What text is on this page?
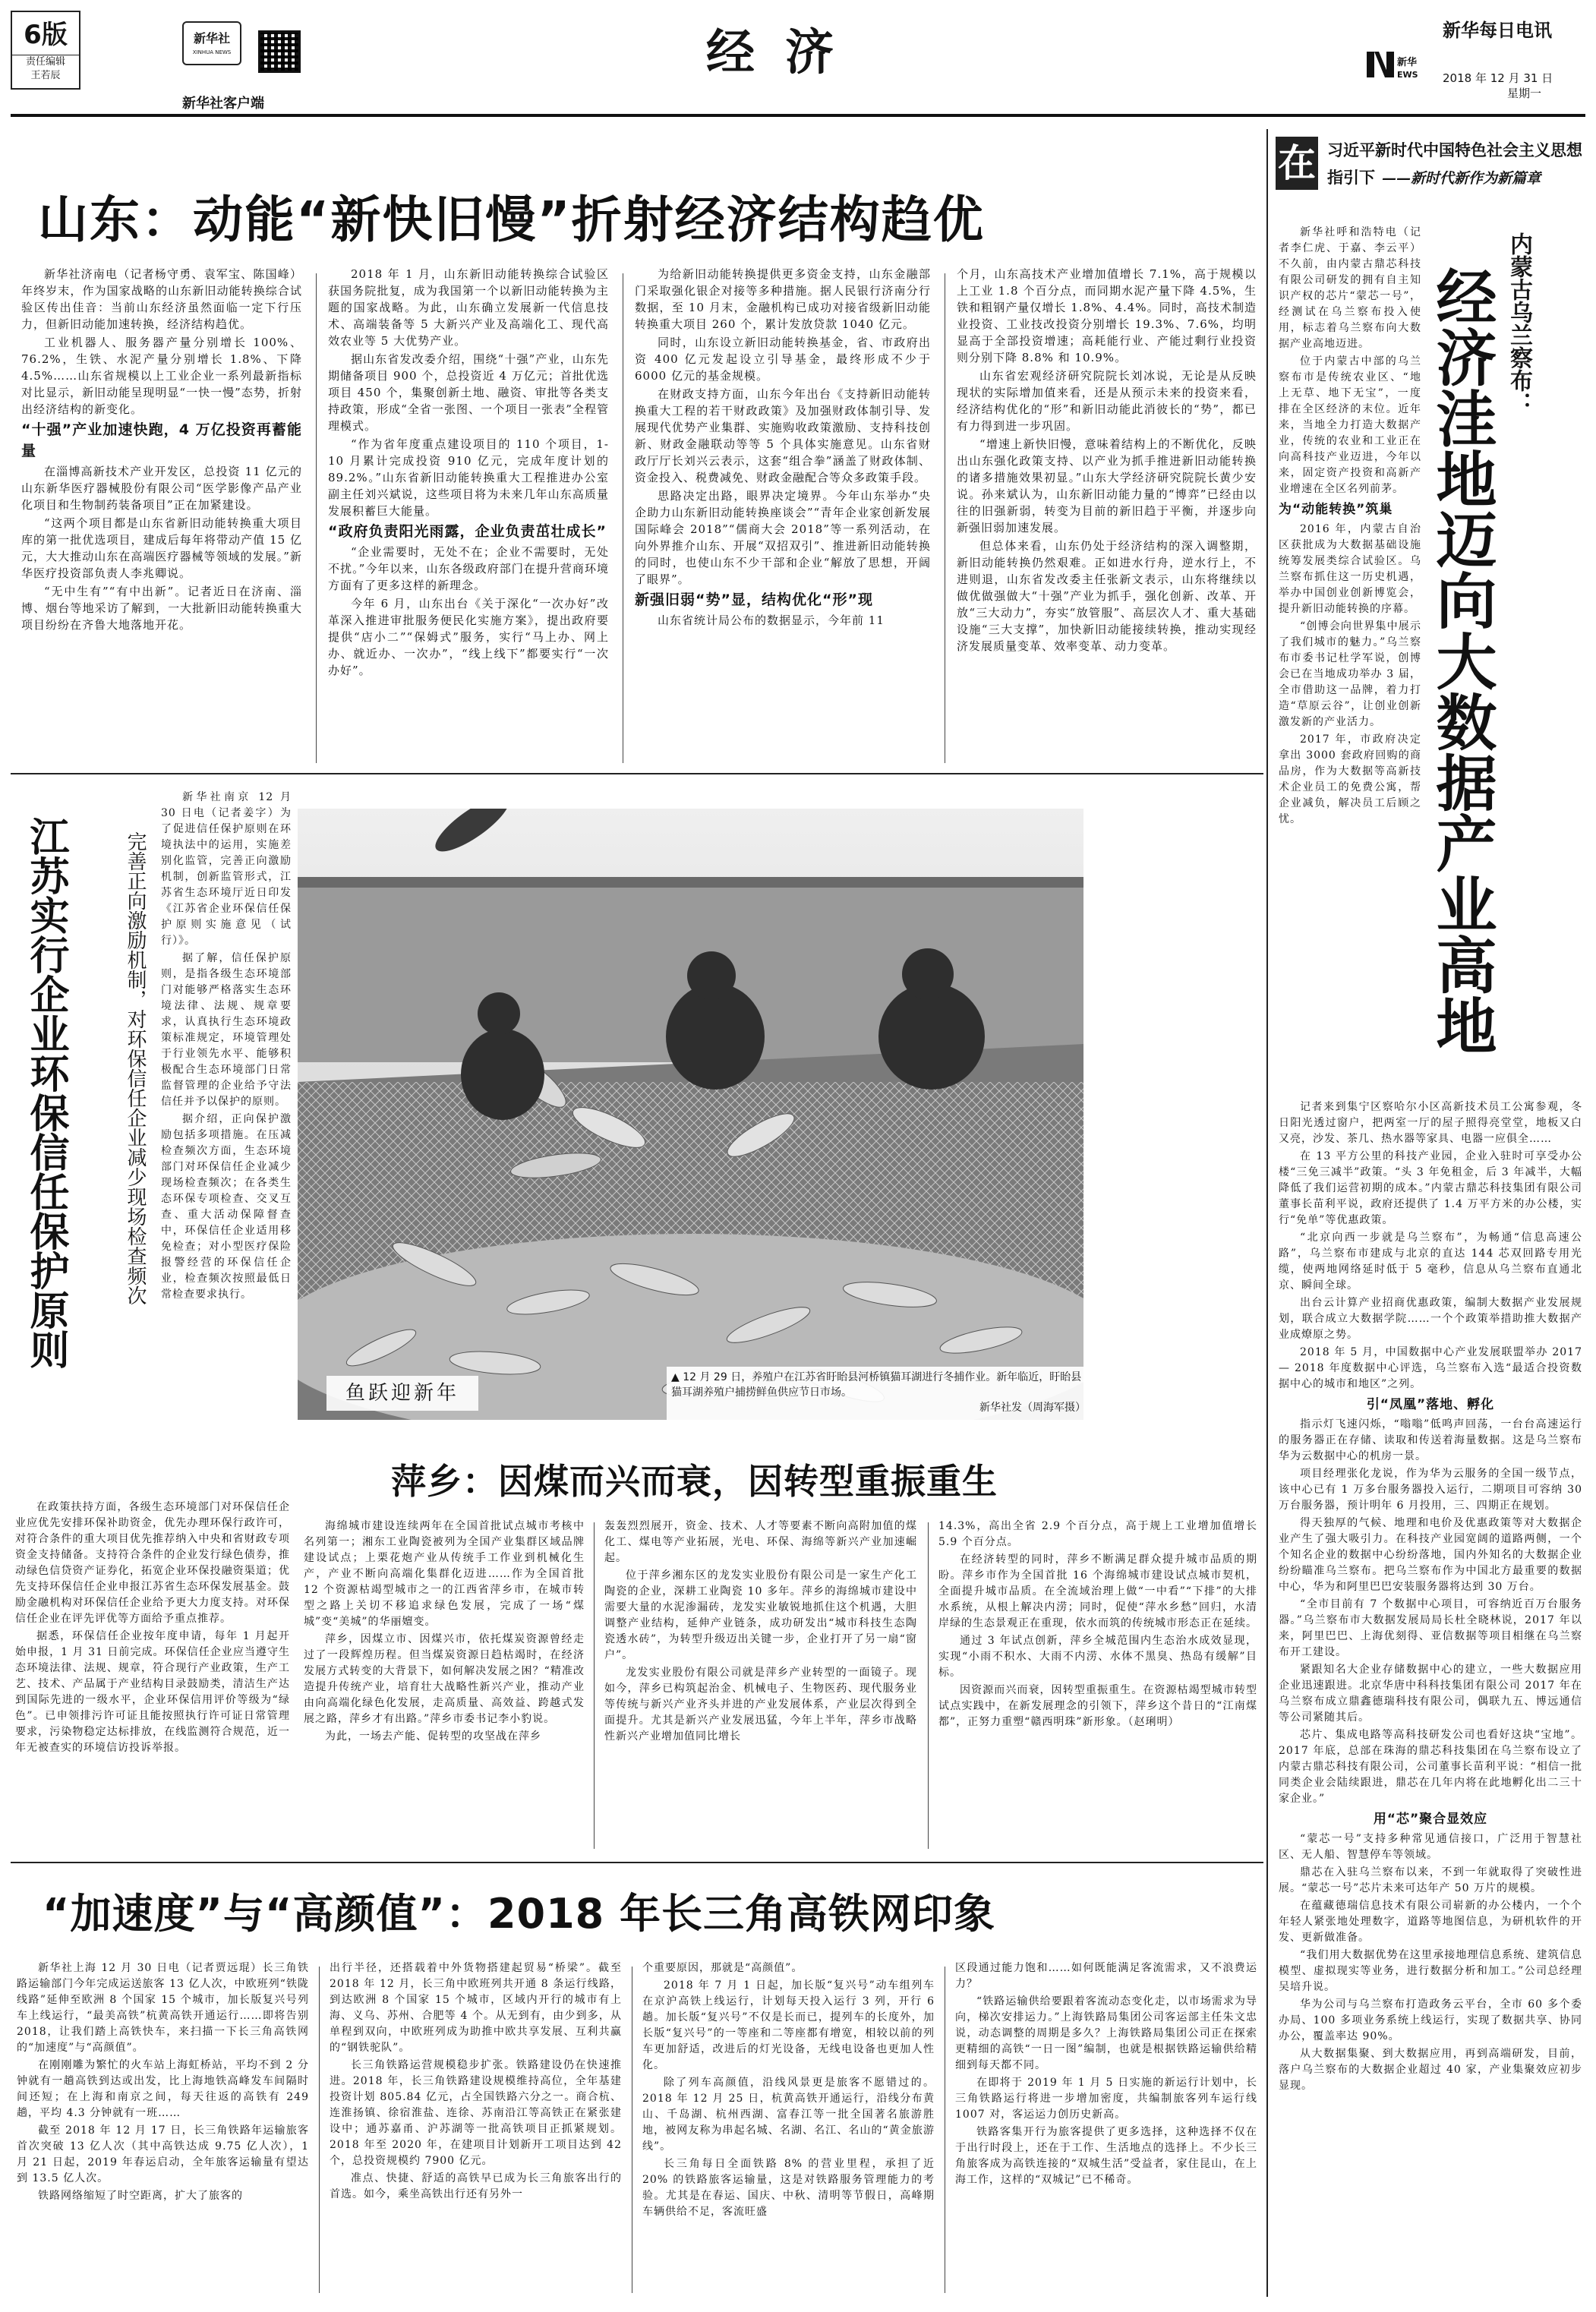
6版
责任编辑
王若辰
新华社
XINHUA NEWS
新华社客户端
经济	新华
EWS
新华每日电讯
2018 年 12 月 31 日
星期一
在 习近平新时代中国特色社会主义思想
指引下 ——新时代新作为新篇章
山东：动能“新快旧慢”折射经济结构趋优

新华社济南电（记者杨守勇、袁军宝、陈国峰）年终岁末，作为国家战略的山东新旧动能转换综合试验区传出佳音：当前山东经济虽然面临一定下行压力，但新旧动能加速转换，经济结构趋优。

工业机器人、服务器产量分别增长 100%、76.2%，生铁、水泥产量分别增长 1.8%、下降 4.5%……山东省规模以上工业企业一系列最新指标对比显示，新旧动能呈现明显“一快一慢”态势，折射出经济结构的新变化。

“十强”产业加速快跑，4 万亿投资再蓄能量

在淄博高新技术产业开发区，总投资 11 亿元的山东新华医疗器械股份有限公司“医学影像产品产业化项目和生物制药装备项目”正在加紧建设。

“这两个项目都是山东省新旧动能转换重大项目库的第一批优选项目，建成后每年将带动产值 15 亿元，大大推动山东在高端医疗器械等领域的发展。”新华医疗投资部负责人李兆卿说。

“无中生有”“有中出新”。记者近日在济南、淄博、烟台等地采访了解到，一大批新旧动能转换重大项目纷纷在齐鲁大地落地开花。

2018 年 1 月，山东新旧动能转换综合试验区获国务院批复，成为我国第一个以新旧动能转换为主题的国家战略。为此，山东确立发展新一代信息技术、高端装备等 5 大新兴产业及高端化工、现代高效农业等 5 大优势产业。

据山东省发改委介绍，围绕“十强”产业，山东先期储备项目 900 个，总投资近 4 万亿元；首批优选项目 450 个，集聚创新土地、融资、审批等各类支持政策，形成“全省一张图、一个项目一张表”全程管理模式。

“作为省年度重点建设项目的 110 个项目，1-10 月累计完成投资 910 亿元，完成年度计划的 89.2%。”山东省新旧动能转换重大工程推进办公室副主任刘兴斌说，这些项目将为未来几年山东高质量发展积蓄巨大能量。

“政府负责阳光雨露，企业负责茁壮成长”

“企业需要时，无处不在；企业不需要时，无处不扰。”今年以来，山东各级政府部门在提升营商环境方面有了更多这样的新理念。

今年 6 月，山东出台《关于深化“一次办好”改革深入推进审批服务便民化实施方案》，提出政府要提供“店小二”“保姆式”服务，实行“马上办、网上办、就近办、一次办”，“线上线下”都要实行“一次办好”。

为给新旧动能转换提供更多资金支持，山东金融部门采取强化银企对接等多种措施。据人民银行济南分行数据，至 10 月末，金融机构已成功对接省级新旧动能转换重大项目 260 个，累计发放贷款 1040 亿元。

同时，山东设立新旧动能转换基金，省、市政府出资 400 亿元发起设立引导基金，最终形成不少于 6000 亿元的基金规模。

在财政支持方面，山东今年出台《支持新旧动能转换重大工程的若干财政政策》及加强财政体制引导、发展现代优势产业集群、实施购收政策激励、支持科技创新、财政金融联动等等 5 个具体实施意见。山东省财政厅厅长刘兴云表示，这套“组合拳”涵盖了财政体制、资金投入、税费减免、财政金融配合等众多政策手段。

思路决定出路，眼界决定境界。今年山东举办“央企助力山东新旧动能转换座谈会”“青年企业家创新发展国际峰会 2018”“儒商大会 2018”等一系列活动，在向外界推介山东、开展“双招双引”、推进新旧动能转换的同时，也使山东不少干部和企业“解放了思想，开阔了眼界”。

新强旧弱“势”显，结构优化“形”现

山东省统计局公布的数据显示，今年前 11

个月，山东高技术产业增加值增长 7.1%，高于规模以上工业 1.8 个百分点，而同期水泥产量下降 4.5%，生铁和粗钢产量仅增长 1.8%、4.4%。同时，高技术制造业投资、工业技改投资分别增长 19.3%、7.6%，均明显高于全部投资增速；高耗能行业、产能过剩行业投资则分别下降 8.8% 和 10.9%。

山东省宏观经济研究院院长刘冰说，无论是从反映现状的实际增加值来看，还是从预示未来的投资来看，经济结构优化的“形”和新旧动能此消彼长的“势”，都已有力得到进一步巩固。

“增速上新快旧慢，意味着结构上的不断优化，反映出山东强化政策支持、以产业为抓手推进新旧动能转换的诸多措施效果初显。”山东大学经济研究院院长黄少安说。孙来斌认为，山东新旧动能力量的“博弈”已经由以往的旧强新弱，转变为目前的新旧趋于平衡，并逐步向新强旧弱加速发展。

但总体来看，山东仍处于经济结构的深入调整期，新旧动能转换仍然艰难。正如进水行舟，逆水行上，不进则退，山东省发改委主任张新文表示，山东将继续以做优做强做大“十强”产业为抓手，强化创新、改革、开放“三大动力”，夯实“放管服”、高层次人才、重大基础设施“三大支撑”，加快新旧动能接续转换，推动实现经济发展质量变革、效率变革、动力变革。

内蒙古乌兰察布：
经济洼地迈向大数据产业高地

新华社呼和浩特电（记者李仁虎、于嘉、李云平）不久前，由内蒙古鼎芯科技有限公司研发的拥有自主知识产权的芯片“蒙芯一号”，经测试在乌兰察布投入使用，标志着乌兰察布向大数据产业高地迈进。

位于内蒙古中部的乌兰察布市是传统农业区、“地上无草、地下无宝”，一度排在全区经济的末位。近年来，当地全力打造大数据产业，传统的农业和工业正在向高科技产业迈进，今年以来，固定资产投资和高新产业增速在全区名列前茅。

为“动能转换”筑巢

2016 年，内蒙古自治区获批成为大数据基础设施统筹发展类综合试验区。乌兰察布抓住这一历史机遇，举办中国创业创新博览会，提升新旧动能转换的序幕。

“创博会向世界集中展示了我们城市的魅力。”乌兰察布市委书记杜学军说，创博会已在当地成功举办 3 届，全市借助这一品牌，着力打造“草原云谷”，让创业创新激发新的产业活力。

2017 年，市政府决定拿出 3000 套政府回购的商品房，作为大数据等高新技术企业员工的免费公寓，帮企业减负，解决员工后顾之忧。

记者来到集宁区察哈尔小区高新技术员工公寓参观，冬日阳光透过窗户，把两室一厅的屋子照得亮堂堂，地板又白又亮，沙发、茶几、热水器等家具、电器一应俱全……

在 13 平方公里的科技产业园，企业入驻时可享受办公楼“三免三减半”政策。“头 3 年免租金，后 3 年减半，大幅降低了我们运营初期的成本。”内蒙古鼎芯科技集团有限公司董事长苗利平说，政府还提供了 1.4 万平方米的办公楼，实行“免单”等优惠政策。

“北京向西一步就是乌兰察布”，为畅通“信息高速公路”，乌兰察布市建成与北京的直达 144 芯双回路专用光缆，使两地网络延时低于 5 毫秒，信息从乌兰察布直通北京、瞬间全球。

出台云计算产业招商优惠政策，编制大数据产业发展规划，联合成立大数据学院……一个个政策举措助推大数据产业成燎原之势。

2018 年 5 月，中国数据中心产业发展联盟举办 2017 — 2018 年度数据中心评选，乌兰察布入选“最适合投资数据中心的城市和地区”之列。

引“凤凰”落地、孵化

指示灯飞速闪烁，“嗡嗡”低鸣声回荡，一台台高速运行的服务器正在存储、读取和传送着海量数据。这是乌兰察布华为云数据中心的机房一景。

项目经理张化龙说，作为华为云服务的全国一级节点，该中心已有 1 万多台服务器投入运行，二期项目可容纳 30 万台服务器，预计明年 6 月投用，三、四期正在规划。

得天独厚的气候、地理和电价及优惠政策等对大数据企业产生了强大吸引力。在科技产业园宽阔的道路两侧，一个个知名企业的数据中心纷纷落地，国内外知名的大数据企业纷纷瞄准乌兰察布。把乌兰察布作为中国北方最重要的数据中心，华为和阿里巴巴安装服务器将达到 30 万台。

“全市目前有 7 个数据中心项目，可容纳近百万台服务器。”乌兰察布市大数据发展局局长杜全晓林说，2017 年以来，阿里巴巴、上海优刻得、亚信数据等项目相继在乌兰察布开工建设。

紧跟知名大企业存储数据中心的建立，一些大数据应用企业迅速跟进。北京华唐中科科技集团有限公司 2017 年在乌兰察布成立鼎鑫德瑞科技有限公司，偶联九五、博远通信等公司紧随其后。

芯片、集成电路等高科技研发公司也看好这块“宝地”。2017 年底，总部在珠海的鼎芯科技集团在乌兰察布设立了内蒙古鼎芯科技有限公司，公司董事长苗利平说：“相信一批同类企业会陆续跟进，鼎芯在几年内将在此地孵化出二三十家企业。”

用“芯”聚合显效应

“蒙芯一号”支持多种常见通信接口，广泛用于智慧社区、无人船、智慧停车等领域。

鼎芯在入驻乌兰察布以来，不到一年就取得了突破性进展。“蒙芯一号”芯片未来可达年产 50 万片的规模。

在蕴藏德瑞信息技术有限公司崭新的办公楼内，一个个年轻人紧张地处理数字，道路等地图信息，为研机软件的开发、更新做准备。

“我们用大数据优势在这里承接地理信息系统、建筑信息模型、虚拟现实等业务，进行数据分析和加工。”公司总经理吴培升说。

华为公司与乌兰察布打造政务云平台，全市 60 多个委办局、100 多项业务系统上线运行，实现了数据共享、协同办公，覆盖率达 90%。

从大数据集聚、到大数据应用，再到高端研发，目前，落户乌兰察布的大数据企业超过 40 家，产业集聚效应初步显现。

江苏实行企业环保信任保护原则	完善正向激励机制，对环保信任企业减少现场检查频次

新华社南京 12 月 30 日电（记者姜字）为了促进信任保护原则在环境执法中的运用，实施差别化监管，完善正向激励机制，创新监管形式，江苏省生态环境厅近日印发《江苏省企业环保信任保护原则实施意见（试行）》。

据了解，信任保护原则，是指各级生态环境部门对能够严格落实生态环境法律、法规、规章要求，认真执行生态环境政策标准规定，环境管理处于行业领先水平、能够积极配合生态环境部门日常监督管理的企业给予守法信任并予以保护的原则。

据介绍，正向保护激励包括多项措施。在压减检查频次方面，生态环境部门对环保信任企业减少现场检查频次；在各类生态环保专项检查、交叉互查、重大活动保障督查中，环保信任企业适用移免检查；对小型医疗保险报警经营的环保信任企业，检查频次按照最低日常检查要求执行。

在政策扶持方面，各级生态环境部门对环保信任企业应优先安排环保补助资金，优先办理环保行政许可，对符合条件的重大项目优先推荐纳入中央和省财政专项资金支持储备。支持符合条件的企业发行绿色债券，推动绿色信贷资产证券化，拓宽企业环保投融资渠道；优先支持环保信任企业申报江苏省生态环保发展基金。鼓励金融机构对环保信任企业给予更大力度支持。对环保信任企业在评先评优等方面给予重点推荐。

据悉，环保信任企业按年度申请，每年 1 月起开始申报，1 月 31 日前完成。环保信任企业应当遵守生态环境法律、法规、规章，符合现行产业政策，生产工艺、技术、产品属于产业结构目录鼓励类，清洁生产达到国际先进的一级水平，企业环保信用评价等级为“绿色”。已申领排污许可证且能按照执行许可证日常管理要求，污染物稳定达标排放，在线监测符合规范，近一年无被查实的环境信访投诉举报。

鱼跃迎新年
▲ 12 月 29 日，养殖户在江苏省盱眙县河桥镇猫耳湖进行冬捕作业。新年临近，盱眙县猫耳湖养殖户捕捞鲜鱼供应节日市场。
新华社发（周海军摄）
萍乡：因煤而兴而衰，因转型重振重生

海绵城市建设连续两年在全国首批试点城市考核中名列第一；湘东工业陶瓷被列为全国产业集群区域品牌建设试点；上栗花炮产业从传统手工作业到机械化生产，产业不断向高端化集群化迈进……作为全国首批 12 个资源枯竭型城市之一的江西省萍乡市，在城市转型之路上关切不移追求绿色发展，完成了一场“煤城”变“美城”的华丽嬗变。

萍乡，因煤立市、因煤兴市，依托煤炭资源曾经走过了一段辉煌历程。但当煤炭资源日趋枯竭时，在经济发展方式转变的大背景下，如何解决发展之困？“精准改造提升传统产业，培育壮大战略性新兴产业，推动产业由向高端化绿色化发展，走高质量、高效益、跨越式发展之路，萍乡才有出路。”萍乡市委书记李小豹说。

为此，一场去产能、促转型的攻坚战在萍乡

轰轰烈烈展开，资金、技术、人才等要素不断向高附加值的煤化工、煤电等产业拓展，光电、环保、海绵等新兴产业加速崛起。

位于萍乡湘东区的龙发实业股份有限公司是一家生产化工陶瓷的企业，深耕工业陶瓷 10 多年。萍乡的海绵城市建设中需要大量的水泥渗漏砖，龙发实业敏锐地抓住这个机遇，大胆调整产业结构，延伸产业链条，成功研发出“城市科技生态陶瓷透水砖”，为转型升级迈出关键一步，企业打开了另一扇“窗户”。

龙发实业股份有限公司就是萍乡产业转型的一面镜子。现如今，萍乡已构筑起治金、机械电子、生物医药、现代服务业等传统与新兴产业齐头并进的产业发展体系，产业层次得到全面提升。尤其是新兴产业发展迅猛，今年上半年，萍乡市战略性新兴产业增加值同比增长

14.3%，高出全省 2.9 个百分点，高于规上工业增加值增长 5.9 个百分点。

在经济转型的同时，萍乡不断满足群众提升城市品质的期盼。萍乡市作为全国首批 16 个海绵城市建设试点城市契机，全面提升城市品质。在全流域治理上做“一中看”“下排”的大排水系统，从根上解决内涝；同时，促使“萍水乡愁”回归，水清岸绿的生态景观正在重现，依水而筑的传统城市形态正在延续。

通过 3 年试点创新，萍乡全城范围内生态治水成效显现，实现“小雨不积水、大雨不内涝、水体不黑臭、热岛有缓解”目标。

因资源而兴而衰，因转型重振重生。在资源枯竭型城市转型试点实践中，在新发展理念的引领下，萍乡这个昔日的“江南煤都”，正努力重塑“赣西明珠”新形象。（赵琍明）

“加速度”与“高颜值”：2018 年长三角高铁网印象

新华社上海 12 月 30 日电（记者贾远琨）长三角铁路运输部门今年完成运送旅客 13 亿人次，中欧班列“铁陇线路”延伸至欧洲 8 个国家 15 个城市，加长版复兴号列车上线运行，“最美高铁”杭黄高铁开通运行……即将告别 2018，让我们踏上高铁快车，来扫描一下长三角高铁网的“加速度”与“高颜值”。

在刚刚雕为繁忙的火车站上海虹桥站，平均不到 2 分钟就有一趟高铁到达或出发，比上海地铁高峰发车间隔时间还短；在上海和南京之间，每天往返的高铁有 249 趟，平均 4.3 分钟就有一班……

截至 2018 年 12 月 17 日，长三角铁路年运输旅客首次突破 13 亿人次（其中高铁达成 9.75 亿人次），1 月 21 日起，2019 年春运启动，全年旅客运输量有望达到 13.5 亿人次。

铁路网络缩短了时空距离，扩大了旅客的

出行半径，还搭载着中外货物搭建起贸易“桥梁”。截至 2018 年 12 月，长三角中欧班列共开通 8 条运行线路，到达欧洲 8 个国家 15 个城市，区域内开行的城市有上海、义乌、苏州、合肥等 4 个。从无到有，由少到多，从单程到双向，中欧班列成为助推中欧共享发展、互利共赢的“钢铁驼队”。

长三角铁路运营规模稳步扩张。铁路建设仍在快速推进。2018 年，长三角铁路建设规模维持高位，全年基建投资计划 805.84 亿元，占全国铁路六分之一。商合杭、连淮扬镇、徐宿淮盐、连徐、苏南沿江等高铁正在紧张建设中；通苏嘉甬、沪苏湖等一批高铁项目正抓紧规划。2018 年至 2020 年，在建项目计划新开工项目达到 42 个，总投资规模约 7900 亿元。

准点、快捷、舒适的高铁早已成为长三角旅客出行的首选。如今，乘坐高铁出行还有另外一

个重要原因，那就是“高颜值”。

2018 年 7 月 1 日起，加长版“复兴号”动车组列车在京沪高铁上线运行，计划每天投入运行 3 列，开行 6 趟。加长版“复兴号”不仅是长而已，提列车的长度外，加长版“复兴号”的一等座和二等座都有增宽，相较以前的列车更加舒适，改进后的灯光设备，无线电设备也更加人性化。

除了列车高颜值，沿线风景更是旅客不愿错过的。2018 年 12 月 25 日，杭黄高铁开通运行，沿线分布黄山、千岛湖、杭州西湖、富春江等一批全国著名旅游胜地，被网友称为串起名城、名湖、名江、名山的“黄金旅游线”。

长三角每日全面铁路 8% 的营业里程，承担了近 20% 的铁路旅客运输量，这是对铁路服务管理能力的考验。尤其是在春运、国庆、中秋、清明等节假日，高峰期车辆供给不足，客流旺盛

区段通过能力饱和……如何既能满足客流需求，又不浪费运力？

“铁路运输供给要跟着客流动态变化走，以市场需求为导向，梯次安排运力。”上海铁路局集团公司客运部主任朱文忠说，动态调整的周期是多久？上海铁路局集团公司正在探索更精细的高铁“一日一图”编制，也就是根据铁路运输供给精细到每天都不同。

在即将于 2019 年 1 月 5 日实施的新运行计划中，长三角铁路运行将进一步增加密度，共编制旅客列车运行线 1007 对，客运运力创历史新高。

铁路客集开行为旅客提供了更多选择，这种选择不仅在于出行时段上，还在于工作、生活地点的选择上。不少长三角旅客成为高铁连接的“双城生活”受益者，家住昆山，在上海工作，这样的“双城记”已不稀奇。
